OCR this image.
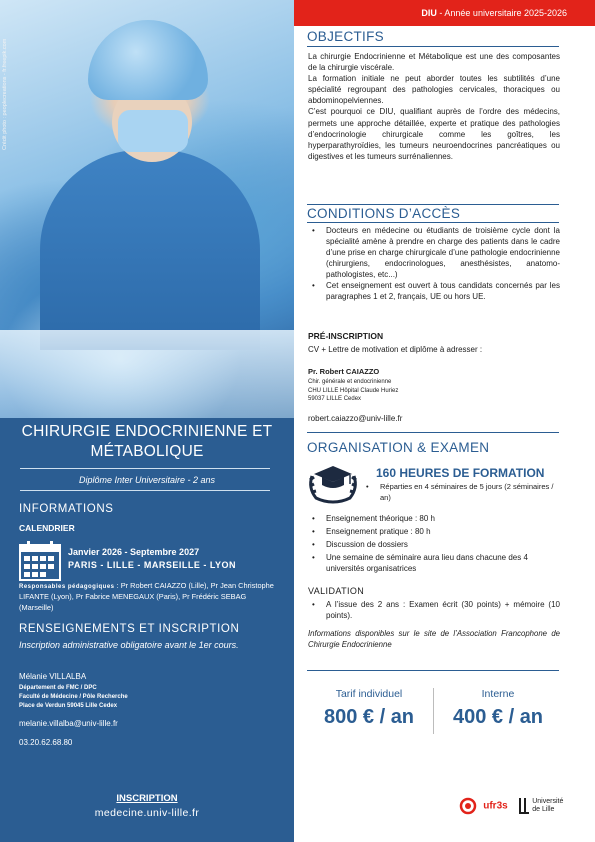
Crédit photo : peoplecreations - fr.freepik.com
CHIRURGIE ENDOCRINIENNE ET
MÉTABOLIQUE
Diplôme Inter Universitaire - 2 ans
INFORMATIONS
CALENDRIER
Janvier 2026 - Septembre 2027
PARIS - LILLE - MARSEILLE - LYON
Responsables pédagogiques : Pr Robert CAIAZZO (Lille), Pr Jean Christophe LIFANTE (Lyon), Pr Fabrice MENEGAUX (Paris), Pr Frédéric SEBAG (Marseille)
RENSEIGNEMENTS ET INSCRIPTION
Inscription administrative obligatoire avant le 1er cours.
Mélanie VILLALBA
Département de FMC / DPC
Faculté de Médecine / Pôle Recherche
Place de Verdun 59045 Lille Cedex
melanie.villalba@univ-lille.fr
03.20.62.68.80
INSCRIPTION
medecine.univ-lille.fr
DIU - Année universitaire 2025-2026
OBJECTIFS

La chirurgie Endocrinienne et Métabolique est une des composantes de la chirurgie viscérale.

La formation initiale ne peut aborder toutes les subtilités d’une spécialité regroupant des pathologies cervicales, thoraciques ou abdominopelviennes.

C’est pourquoi ce DIU, qualifiant auprès de l’ordre des médecins, permets une approche détaillée, experte et pratique des pathologies d’endocrinologie chirurgicale comme les goîtres, les hyperparathyroïdies, les tumeurs neuroendocrines pancréatiques ou digestives et les tumeurs surrénaliennes.

CONDITIONS D’ACCÈS
• Docteurs en médecine ou étudiants de troisième cycle dont la spécialité amène à prendre en charge des patients dans le cadre d’une prise en charge chirurgicale d’une pathologie endocrinienne (chirurgiens, endocrinologues, anesthésistes, anatomo-pathologistes, etc...)
• Cet enseignement est ouvert à tous candidats concernés par les paragraphes 1 et 2, français, UE ou hors UE.
PRÉ-INSCRIPTION
CV + Lettre de motivation et diplôme à adresser :
Pr. Robert CAIAZZO
Chir. générale et endocrinienne
CHU LILLE Hôpital Claude Huriez
59037 LILLE Cedex
robert.caiazzo@univ-lille.fr
ORGANISATION & EXAMEN
160 HEURES DE FORMATION
• Réparties en 4 séminaires de 5 jours (2 séminaires / an)
• Enseignement théorique : 80 h
• Enseignement pratique : 80 h
• Discussion de dossiers
• Une semaine de séminaire aura lieu dans chacune des 4 universités organisatrices
VALIDATION
• A l’issue des 2 ans : Examen écrit (30 points) + mémoire (10 points).
Informations disponibles sur le site de l’Association Francophone de Chirurgie Endocrinienne
Tarif individuel
800 € / an
Interne
400 € / an
ufr3s
	Université
de Lille
